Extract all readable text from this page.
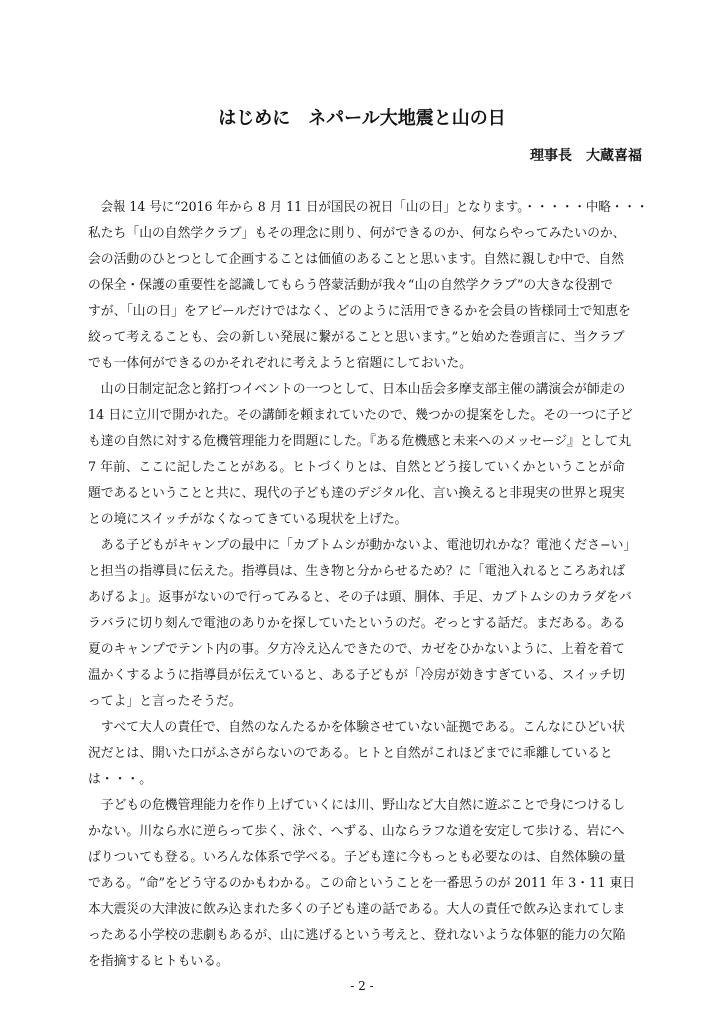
はじめに　ネパール大地震と山の日
理事長　大蔵喜福
　会報 14 号に“2016 年から 8 月 11 日が国民の祝日「山の日」となります。・・・・・中略・・・
私たち「山の自然学クラブ」もその理念に則り、何ができるのか、何ならやってみたいのか、
会の活動のひとつとして企画することは価値のあることと思います。自然に親しむ中で、自然
の保全・保護の重要性を認識してもらう啓蒙活動が我々“山の自然学クラブ”の大きな役割で
すが、「山の日」をアピールだけではなく、どのように活用できるかを会員の皆様同士で知恵を
絞って考えることも、会の新しい発展に繋がることと思います。”と始めた巻頭言に、当クラブ
でも一体何ができるのかそれぞれに考えようと宿題にしておいた。
　山の日制定記念と銘打つイベントの一つとして、日本山岳会多摩支部主催の講演会が師走の
14 日に立川で開かれた。その講師を頼まれていたので、幾つかの提案をした。その一つに子ど
も達の自然に対する危機管理能力を問題にした。『ある危機感と未来へのメッセージ』として丸
7 年前、ここに記したことがある。ヒトづくりとは、自然とどう接していくかということが命
題であるということと共に、現代の子ども達のデジタル化、言い換えると非現実の世界と現実
との境にスイッチがなくなってきている現状を上げた。
　ある子どもがキャンプの最中に「カブトムシが動かないよ、電池切れかな？電池くださ−い」
と担当の指導員に伝えた。指導員は、生き物と分からせるため？に「電池入れるところあれば
あげるよ」。返事がないので行ってみると、その子は頭、胴体、手足、カブトムシのカラダをバ
ラバラに切り刻んで電池のありかを探していたというのだ。ぞっとする話だ。まだある。ある
夏のキャンプでテント内の事。夕方冷え込んできたので、カゼをひかないように、上着を着て
温かくするように指導員が伝えていると、ある子どもが「冷房が効きすぎている、スイッチ切
ってよ」と言ったそうだ。
　すべて大人の責任で、自然のなんたるかを体験させていない証拠である。こんなにひどい状
況だとは、開いた口がふさがらないのである。ヒトと自然がこれほどまでに乖離していると
は・・・。
　子どもの危機管理能力を作り上げていくには川、野山など大自然に遊ぶことで身につけるし
かない。川なら水に逆らって歩く、泳ぐ、へずる、山ならラフな道を安定して歩ける、岩にへ
ばりついても登る。いろんな体系で学べる。子ども達に今もっとも必要なのは、自然体験の量
である。“命”をどう守るのかもわかる。この命ということを一番思うのが 2011 年 3・11 東日
本大震災の大津波に飲み込まれた多くの子ども達の話である。大人の責任で飲み込まれてしま
ったある小学校の悲劇もあるが、山に逃げるという考えと、登れないような体躯的能力の欠陥
を指摘するヒトもいる。
- 2 -
